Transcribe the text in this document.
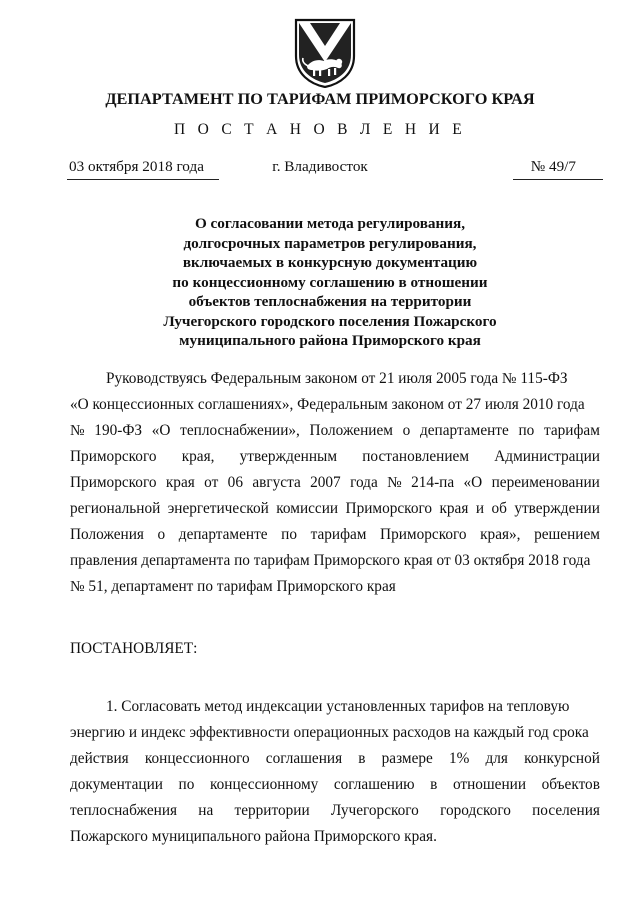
ДЕПАРТАМЕНТ ПО ТАРИФАМ ПРИМОРСКОГО КРАЯ
П О С Т А Н О В Л Е Н И Е
03 октября 2018 года	г. Владивосток	№ 49/7
О согласовании метода регулирования,
долгосрочных параметров регулирования,
включаемых в конкурсную документацию
по концессионному соглашению в отношении
объектов теплоснабжения на территории
Лучегорского городского поселения Пожарского
муниципального района Приморского края
Руководствуясь Федеральным законом от 21 июля 2005 года № 115-ФЗ
«О концессионных соглашениях», Федеральным законом от 27 июля 2010 года
№ 190-ФЗ «О теплоснабжении», Положением о департаменте по тарифам
Приморского края, утвержденным постановлением Администрации
Приморского края от 06 августа 2007 года № 214-па «О переименовании
региональной энергетической комиссии Приморского края и об утверждении
Положения о департаменте по тарифам Приморского края», решением
правления департамента по тарифам Приморского края от 03 октября 2018 года
№ 51, департамент по тарифам Приморского края
ПОСТАНОВЛЯЕТ:
1. Согласовать метод индексации установленных тарифов на тепловую
энергию и индекс эффективности операционных расходов на каждый год срока
действия концессионного соглашения в размере 1% для конкурсной
документации по концессионному соглашению в отношении объектов
теплоснабжения на территории Лучегорского городского поселения
Пожарского муниципального района Приморского края.
